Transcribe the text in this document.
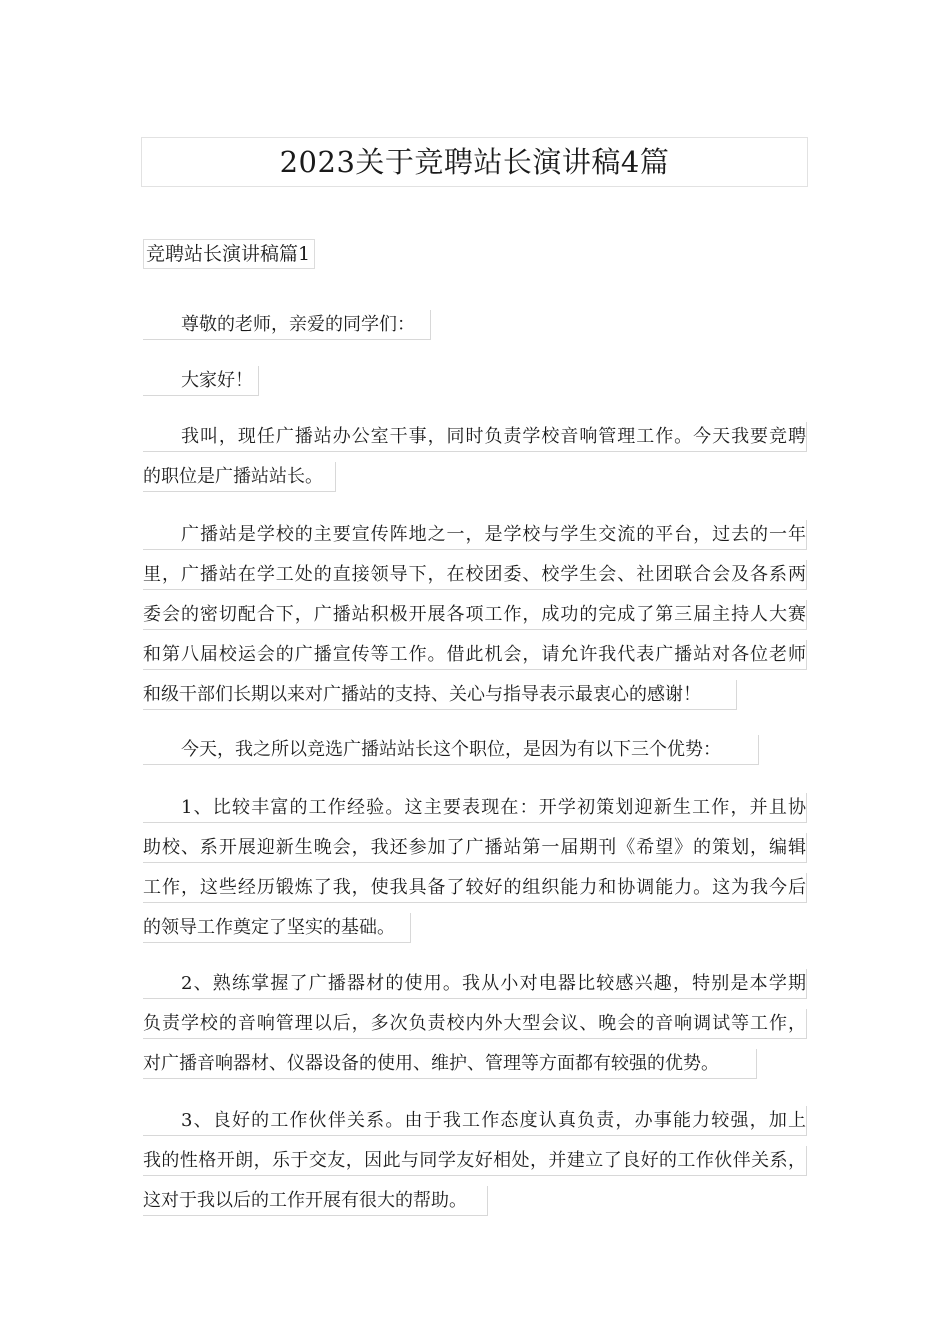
2023关于竞聘站长演讲稿4篇
竞聘站长演讲稿篇1
尊敬的老师，亲爱的同学们：
大家好！
我叫，现任广播站办公室干事，同时负责学校音响管理工作。今天我要竞聘
的职位是广播站站长。
广播站是学校的主要宣传阵地之一，是学校与学生交流的平台，过去的一年
里，广播站在学工处的直接领导下，在校团委、校学生会、社团联合会及各系两
委会的密切配合下，广播站积极开展各项工作，成功的完成了第三届主持人大赛
和第八届校运会的广播宣传等工作。借此机会，请允许我代表广播站对各位老师
和级干部们长期以来对广播站的支持、关心与指导表示最衷心的感谢！
今天，我之所以竞选广播站站长这个职位，是因为有以下三个优势：
1、比较丰富的工作经验。这主要表现在：开学初策划迎新生工作，并且协
助校、系开展迎新生晚会，我还参加了广播站第一届期刊《希望》的策划，编辑
工作，这些经历锻炼了我，使我具备了较好的组织能力和协调能力。这为我今后
的领导工作奠定了坚实的基础。
2、熟练掌握了广播器材的使用。我从小对电器比较感兴趣，特别是本学期
负责学校的音响管理以后，多次负责校内外大型会议、晚会的音响调试等工作，
对广播音响器材、仪器设备的使用、维护、管理等方面都有较强的优势。
3、良好的工作伙伴关系。由于我工作态度认真负责，办事能力较强，加上
我的性格开朗，乐于交友，因此与同学友好相处，并建立了良好的工作伙伴关系，
这对于我以后的工作开展有很大的帮助。
